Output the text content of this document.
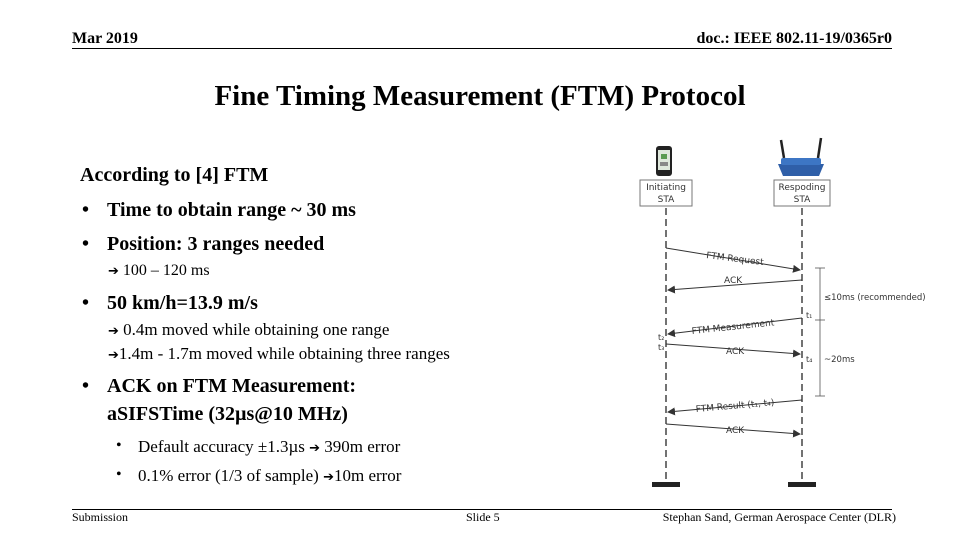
Mar 2019	doc.: IEEE 802.11-19/0365r0
Fine Timing Measurement (FTM) Protocol
According to [4] FTM
• Time to obtain range ~ 30 ms
• Position: 3 ranges needed
➔ 100 – 120 ms
• 50 km/h=13.9 m/s
➔ 0.4m moved while obtaining one range
➔1.4m - 1.7m moved while obtaining three ranges
• ACK on FTM Measurement:
aSIFSTime (32µs@10 MHz)
• Default accuracy ±1.3µs ➔ 390m error
• 0.1% error (1/3 of sample) ➔10m error
Initiating
STA
Respoding
STA
FTM Request
ACK
FTM Measurement
ACK
FTM Result (t₁, t₄)
ACK
t₁
t₂
t₃
t₄
≤10ms (recommended)
~20ms
Submission	Slide 5	Stephan Sand, German Aerospace Center (DLR)
